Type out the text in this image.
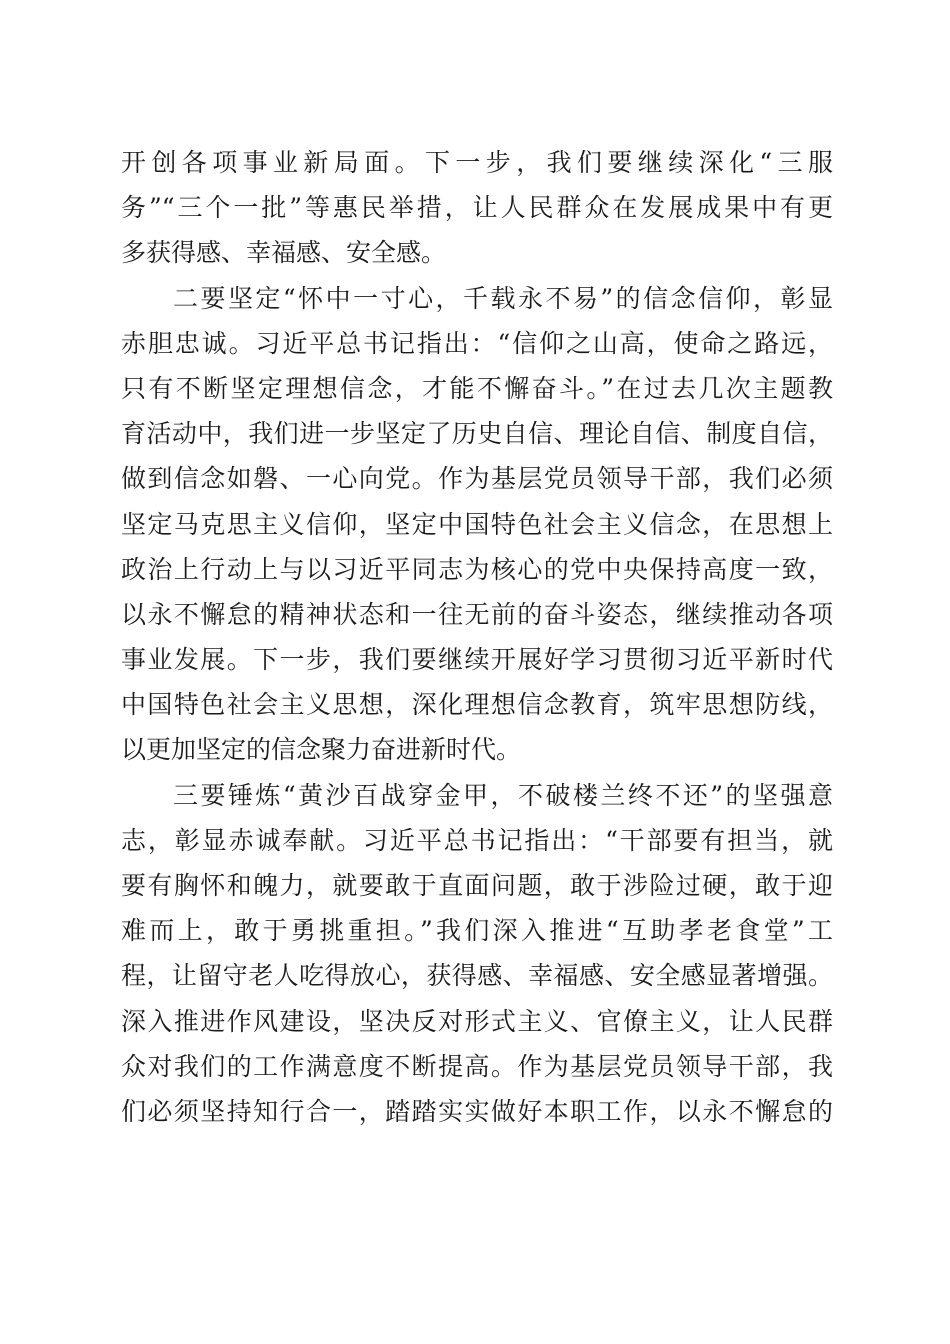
开创各项事业新局面。下一步，我们要继续深化“三服
务”“三个一批”等惠民举措，让人民群众在发展成果中有更
多获得感、幸福感、安全感。
二要坚定“怀中一寸心，千载永不易”的信念信仰，彰显
赤胆忠诚。习近平总书记指出：“信仰之山高，使命之路远，
只有不断坚定理想信念，才能不懈奋斗。”在过去几次主题教
育活动中，我们进一步坚定了历史自信、理论自信、制度自信，
做到信念如磐、一心向党。作为基层党员领导干部，我们必须
坚定马克思主义信仰，坚定中国特色社会主义信念，在思想上
政治上行动上与以习近平同志为核心的党中央保持高度一致，
以永不懈怠的精神状态和一往无前的奋斗姿态，继续推动各项
事业发展。下一步，我们要继续开展好学习贯彻习近平新时代
中国特色社会主义思想，深化理想信念教育，筑牢思想防线，
以更加坚定的信念聚力奋进新时代。
三要锤炼“黄沙百战穿金甲，不破楼兰终不还”的坚强意
志，彰显赤诚奉献。习近平总书记指出：“干部要有担当，就
要有胸怀和魄力，就要敢于直面问题，敢于涉险过硬，敢于迎
难而上，敢于勇挑重担。”我们深入推进“互助孝老食堂”工
程，让留守老人吃得放心，获得感、幸福感、安全感显著增强。
深入推进作风建设，坚决反对形式主义、官僚主义，让人民群
众对我们的工作满意度不断提高。作为基层党员领导干部，我
们必须坚持知行合一，踏踏实实做好本职工作，以永不懈怠的
